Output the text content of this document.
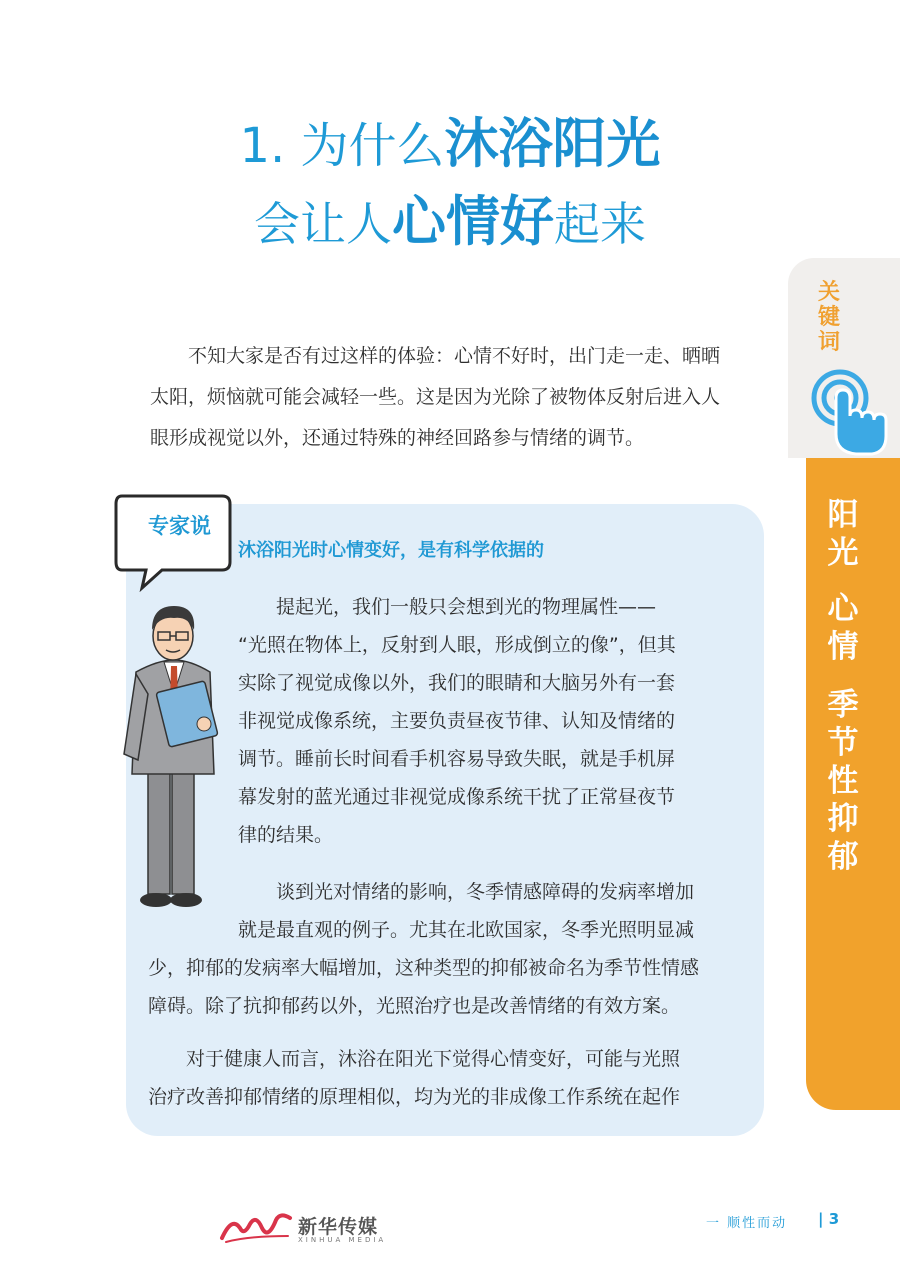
1. 为什么沐浴阳光
会让人心情好起来
不知大家是否有过这样的体验：心情不好时，出门走一走、晒晒
太阳，烦恼就可能会减轻一些。这是因为光除了被物体反射后进入人
眼形成视觉以外，还通过特殊的神经回路参与情绪的调节。
关
键
词
阳
光
心
情
季
节
性
抑
郁
专家说
沐浴阳光时心情变好，是有科学依据的
提起光，我们一般只会想到光的物理属性——
“光照在物体上，反射到人眼，形成倒立的像”，但其
实除了视觉成像以外，我们的眼睛和大脑另外有一套
非视觉成像系统，主要负责昼夜节律、认知及情绪的
调节。睡前长时间看手机容易导致失眠，就是手机屏
幕发射的蓝光通过非视觉成像系统干扰了正常昼夜节
律的结果。
谈到光对情绪的影响，冬季情感障碍的发病率增加
就是最直观的例子。尤其在北欧国家，冬季光照明显减
少，抑郁的发病率大幅增加，这种类型的抑郁被命名为季节性情感
障碍。除了抗抑郁药以外，光照治疗也是改善情绪的有效方案。
对于健康人而言，沐浴在阳光下觉得心情变好，可能与光照
治疗改善抑郁情绪的原理相似，均为光的非成像工作系统在起作
新华传媒
XINHUA MEDIA
一 顺性而动 | 3
